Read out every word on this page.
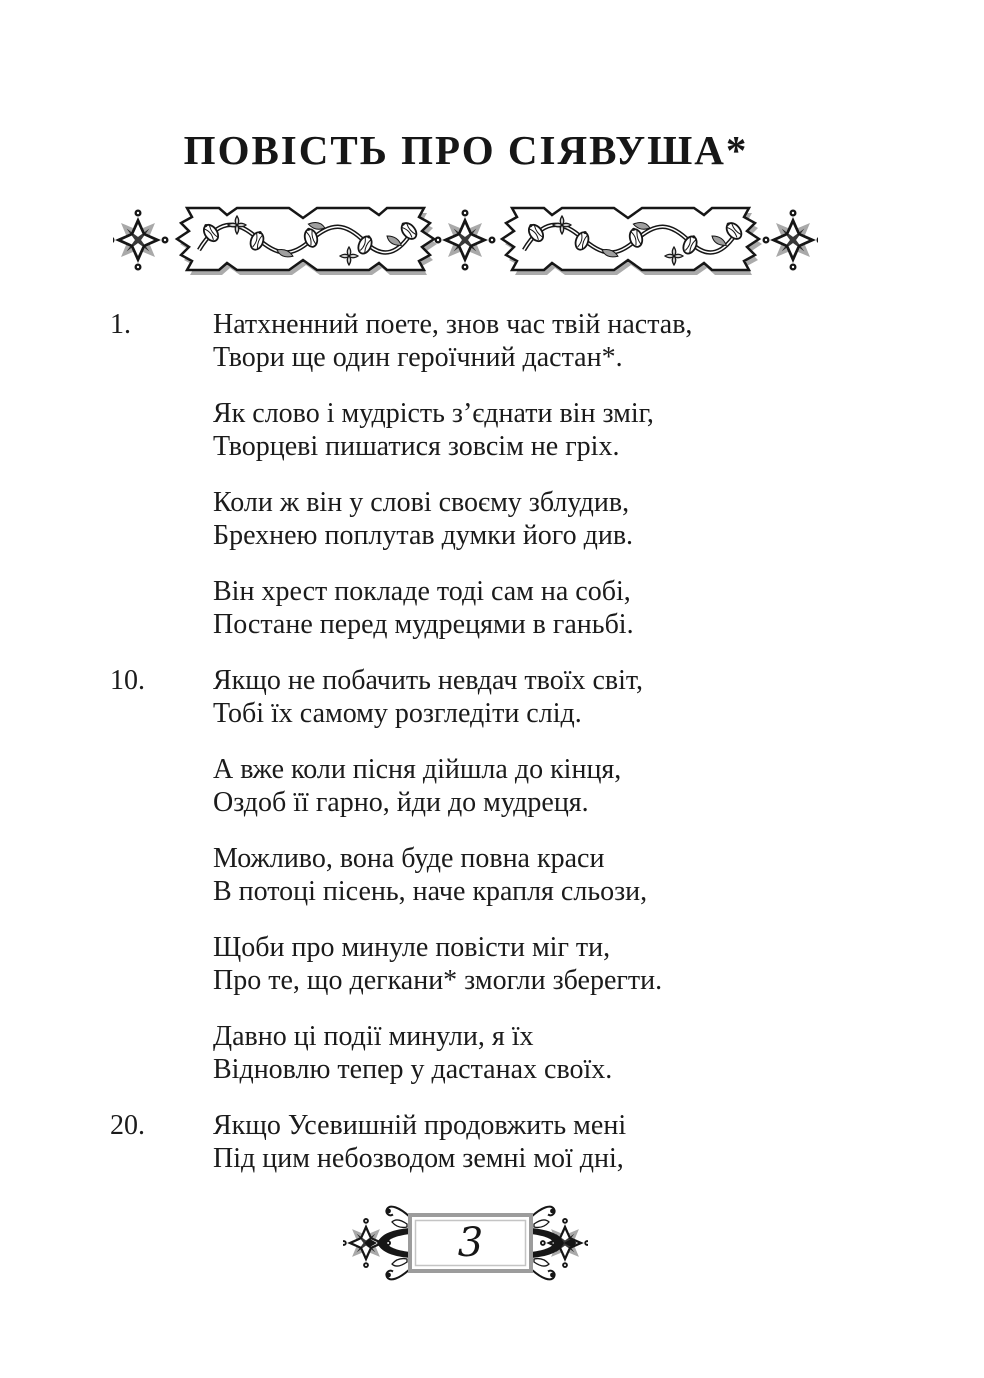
ПОВІСТЬ ПРО СІЯВУША*
1.	Натхненний поете, знов час твій настав,

Твори ще один героїчний дастан*.

Як слово і мудрість з’єднати він зміг,

Творцеві пишатися зовсім не гріх.

Коли ж він у слові своєму зблудив,

Брехнею поплутав думки його див.

Він хрест покладе тоді сам на собі,

Постане перед мудрецями в ганьбі.

10.	Якщо не побачить невдач твоїх світ,

Тобі їх самому розгледіти слід.

А вже коли пісня дійшла до кінця,

Оздоб її гарно, йди до мудреця.

Можливо, вона буде повна краси

В потоці пісень, наче крапля сльози,

Щоби про минуле повісти міг ти,

Про те, що дегкани* змогли зберегти.

Давно ці події минули, я їх

Відновлю тепер у дастанах своїх.

20.	Якщо Усевишній продовжить мені

Під цим небозводом земні мої дні,

3
